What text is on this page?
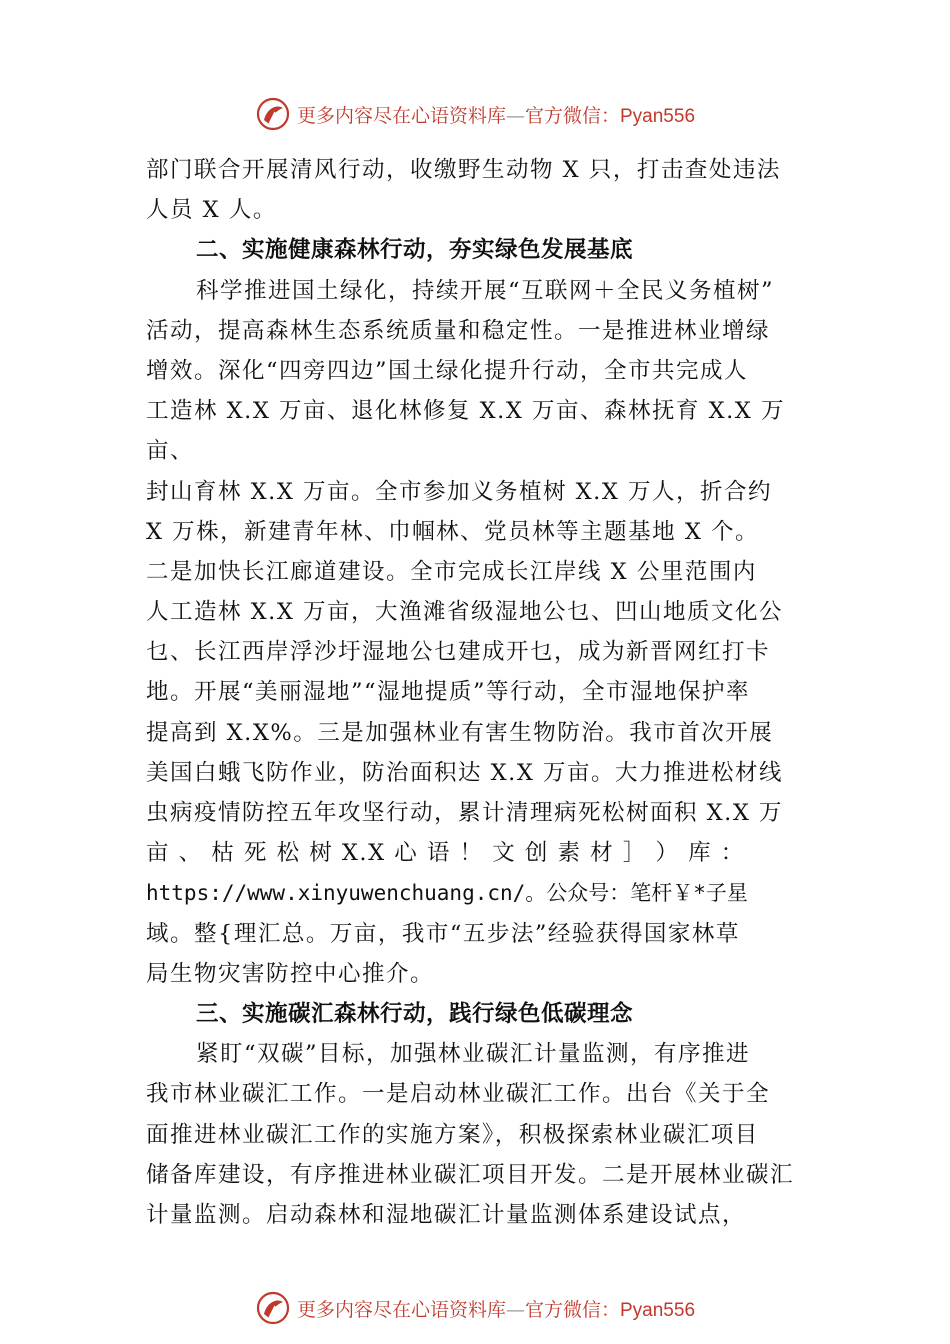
更多内容尽在心语资料库—官方微信：Pyan556
部门联合开展清风行动，收缴野生动物 X 只，打击查处违法
人员 X 人。
二、实施健康森林行动，夯实绿色发展基底
科学推进国土绿化，持续开展“互联网＋全民义务植树”
活动，提高森林生态系统质量和稳定性。一是推进林业增绿
增效。深化“四旁四边”国土绿化提升行动，全市共完成人
工造林 X.X 万亩、退化林修复 X.X 万亩、森林抚育 X.X 万
亩、
封山育林 X.X 万亩。全市参加义务植树 X.X 万人，折合约
X 万株，新建青年林、巾帼林、党员林等主题基地 X 个。
二是加快长江廊道建设。全市完成长江岸线 X 公里范围内
人工造林 X.X 万亩，大渔滩省级湿地公乜、凹山地质文化公
乜、长江西岸浮沙圩湿地公乜建成开乜，成为新晋网红打卡
地。开展“美丽湿地”“湿地提质”等行动，全市湿地保护率
提高到 X.X%。三是加强林业有害生物防治。我市首次开展
美国白蛾飞防作业，防治面积达 X.X 万亩。大力推进松材线
虫病疫情防控五年攻坚行动，累计清理病死松树面积 X.X 万
亩 、 枯 死 松 树 X.X 心 语 ！ 文 创 素 材 ］ ） 库 ：
https://www.xinyuwenchuang.cn/。公众号：笔杆￥*子星
域。整{理汇总。万亩，我市“五步法”经验获得国家林草
局生物灾害防控中心推介。
三、实施碳汇森林行动，践行绿色低碳理念
紧盯“双碳”目标，加强林业碳汇计量监测，有序推进
我市林业碳汇工作。一是启动林业碳汇工作。出台《关于全
面推进林业碳汇工作的实施方案》，积极探索林业碳汇项目
储备库建设，有序推进林业碳汇项目开发。二是开展林业碳汇
计量监测。启动森林和湿地碳汇计量监测体系建设试点，
更多内容尽在心语资料库—官方微信：Pyan556
